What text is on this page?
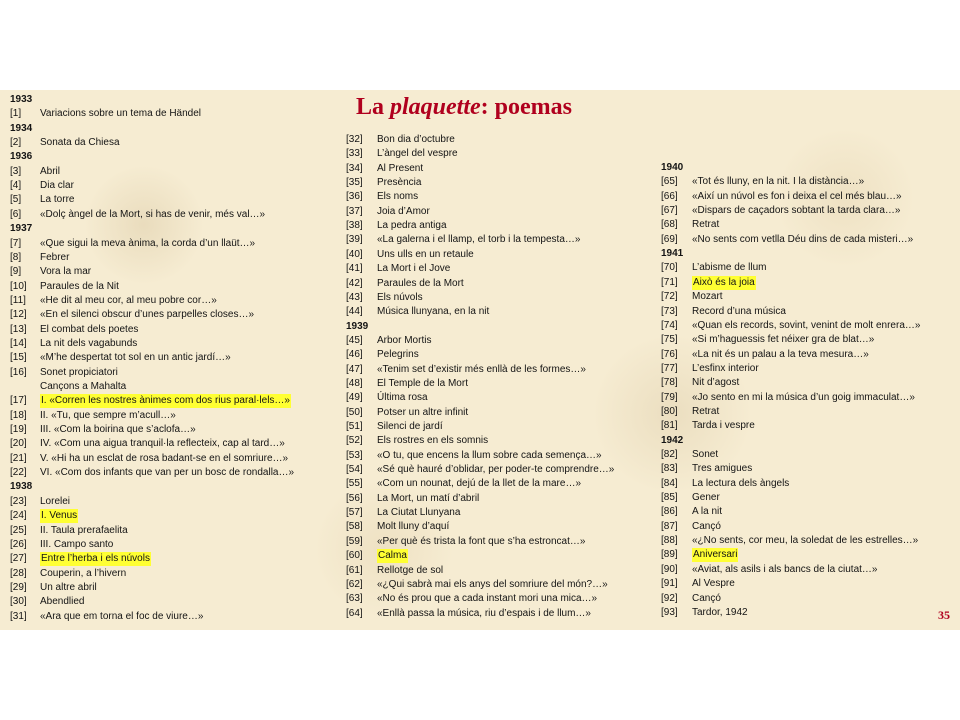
La plaquette: poemas
1933
[1] Variacions sobre un tema de Händel
1934
[2] Sonata da Chiesa
1936
[3] Abril
[4] Dia clar
[5] La torre
[6] «Dolç àngel de la Mort, si has de venir, més val…»
1937
[7] «Que sigui la meva ànima, la corda d’un llaüt…»
[8] Febrer
[9] Vora la mar
[10] Paraules de la Nit
[11] «He dit al meu cor, al meu pobre cor…»
[12] «En el silenci obscur d’unes parpelles closes…»
[13] El combat dels poetes
[14] La nit dels vagabunds
[15] «M’he despertat tot sol en un antic jardí…»
[16] Sonet propiciatori
Cançons a Mahalta
[17] I. «Corren les nostres ànimes com dos rius paral·lels…»
[18] II. «Tu, que sempre m’acull…»
[19] III. «Com la boirina que s’aclofa…»
[20] IV. «Com una aigua tranquil·la reflecteix, cap al tard…»
[21] V. «Hi ha un esclat de rosa badant-se en el somriure…»
[22] VI. «Com dos infants que van per un bosc de rondalla…»
1938
[23] Lorelei
[24] I. Venus
[25] II. Taula prerafaelita
[26] III. Campo santo
[27] Entre l’herba i els núvols
[28] Couperin, a l’hivern
[29] Un altre abril
[30] Abendlied
[31] «Ara que em torna el foc de viure…»
[32] Bon dia d’octubre
[33] L’àngel del vespre
[34] Al Present
[35] Presència
[36] Els noms
[37] Joia d’Amor
[38] La pedra antiga
[39] «La galerna i el llamp, el torb i la tempesta…»
[40] Uns ulls en un retaule
[41] La Mort i el Jove
[42] Paraules de la Mort
[43] Els núvols
[44] Música llunyana, en la nit
1939
[45] Arbor Mortis
[46] Pelegrins
[47] «Tenim set d’existir més enllà de les formes…»
[48] El Temple de la Mort
[49] Última rosa
[50] Potser un altre infinit
[51] Silenci de jardí
[52] Els rostres en els somnis
[53] «O tu, que encens la llum sobre cada semença…»
[54] «Sé què hauré d’oblidar, per poder-te comprendre…»
[55] «Com un nounat, dejú de la llet de la mare…»
[56] La Mort, un matí d’abril
[57] La Ciutat Llunyana
[58] Molt lluny d’aquí
[59] «Per què és trista la font que s’ha estroncat…»
[60] Calma
[61] Rellotge de sol
[62] «¿Qui sabrà mai els anys del somriure del món?…»
[63] «No és prou que a cada instant mori una mica…»
[64] «Enllà passa la música, riu d’espais i de llum…»
1940
[65] «Tot és lluny, en la nit. I la distància…»
[66] «Així un núvol es fon i deixa el cel més blau…»
[67] «Dispars de caçadors sobtant la tarda clara…»
[68] Retrat
[69] «No sents com vetlla Déu dins de cada misteri…»
1941
[70] L’abisme de llum
[71] Això és la joia
[72] Mozart
[73] Record d’una música
[74] «Quan els records, sovint, venint de molt enrera…»
[75] «Si m’haguessis fet néixer gra de blat…»
[76] «La nit és un palau a la teva mesura…»
[77] L’esfinx interior
[78] Nit d’agost
[79] «Jo sento en mi la música d’un goig immaculat…»
[80] Retrat
[81] Tarda i vespre
1942
[82] Sonet
[83] Tres amigues
[84] La lectura dels àngels
[85] Gener
[86] A la nit
[87] Cançó
[88] «¿No sents, cor meu, la soledat de les estrelles…»
[89] Aniversari
[90] «Aviat, als asils i als bancs de la ciutat…»
[91] Al Vespre
[92] Cançó
[93] Tardor, 1942	35
